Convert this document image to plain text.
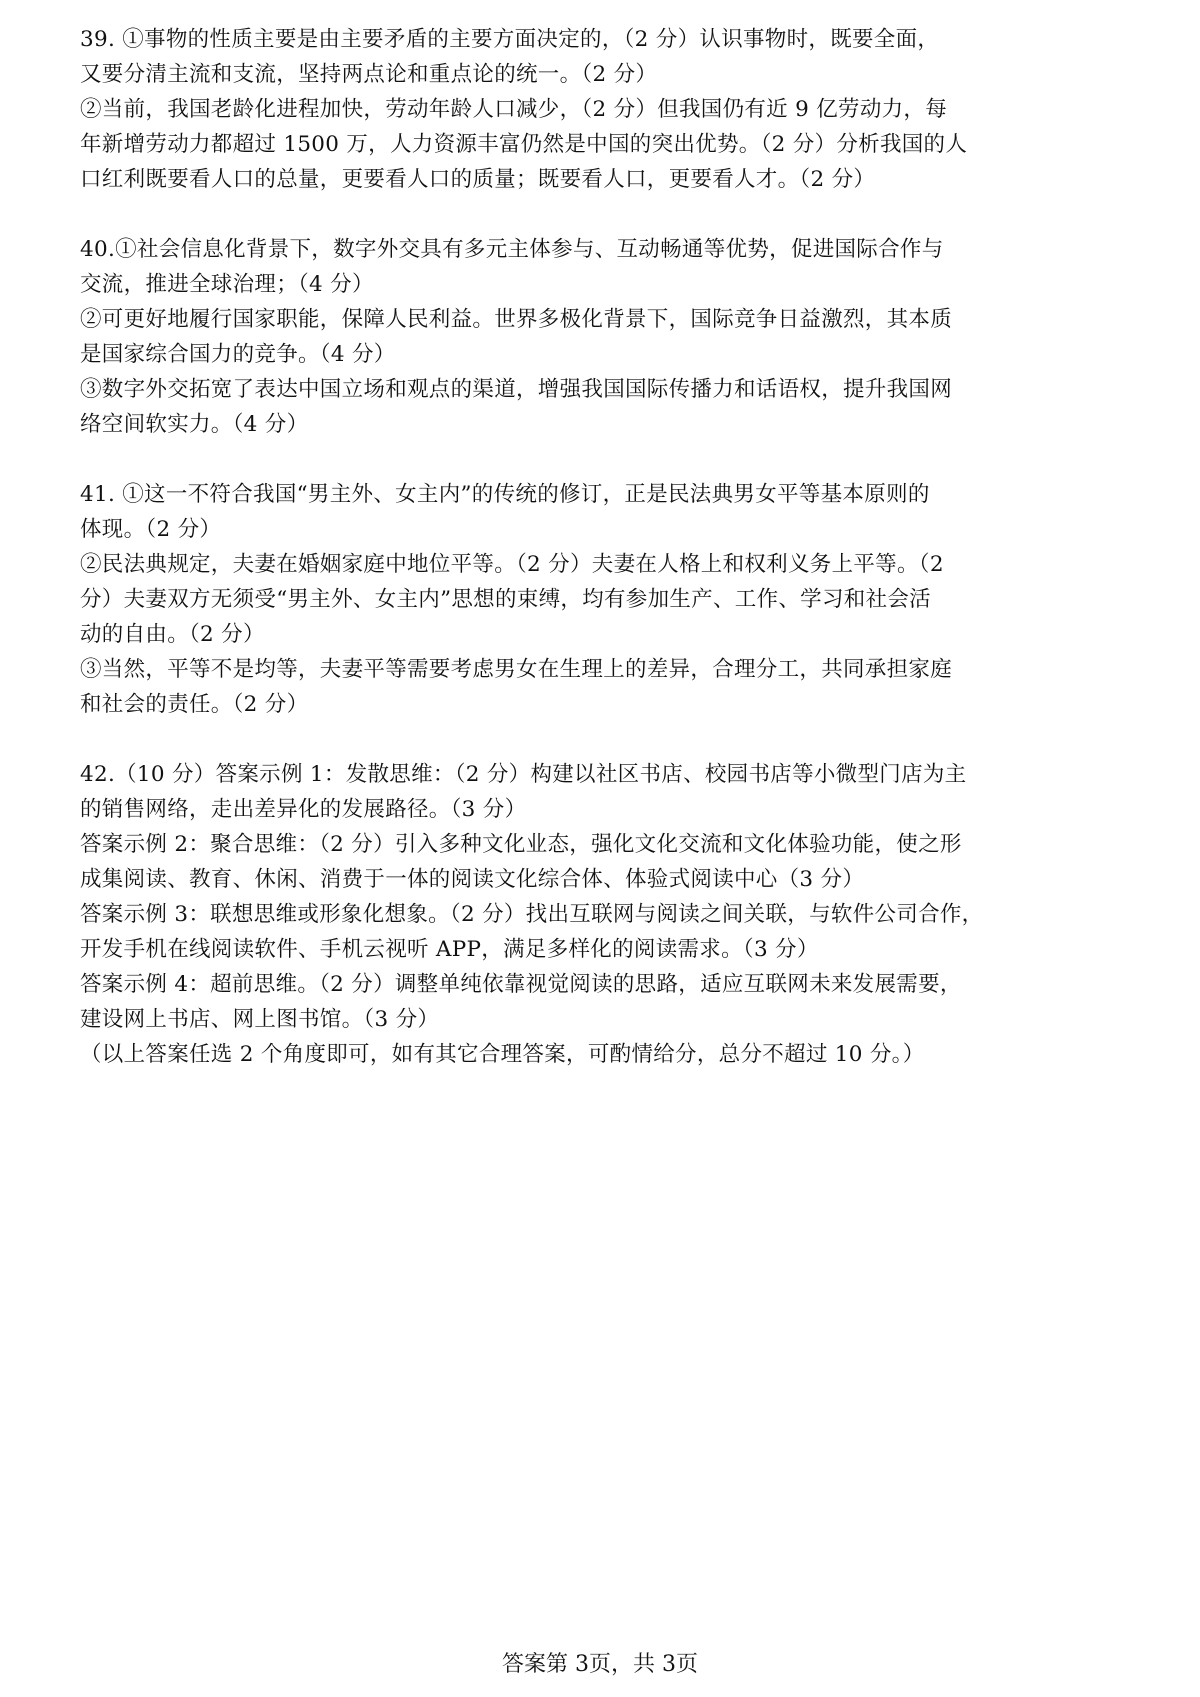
39. ①事物的性质主要是由主要矛盾的主要方面决定的，（2 分）认识事物时，既要全面，
又要分清主流和支流，坚持两点论和重点论的统一。（2 分）
②当前，我国老龄化进程加快，劳动年龄人口减少，（2 分）但我国仍有近 9 亿劳动力，每
年新增劳动力都超过 1500 万，人力资源丰富仍然是中国的突出优势。（2 分）分析我国的人
口红利既要看人口的总量，更要看人口的质量；既要看人口，更要看人才。（2 分）
40.①社会信息化背景下，数字外交具有多元主体参与、互动畅通等优势，促进国际合作与
交流，推进全球治理；（4 分）
②可更好地履行国家职能，保障人民利益。世界多极化背景下，国际竞争日益激烈，其本质
是国家综合国力的竞争。（4 分）
③数字外交拓宽了表达中国立场和观点的渠道，增强我国国际传播力和话语权，提升我国网
络空间软实力。（4 分）
41. ①这一不符合我国“男主外、女主内”的传统的修订，正是民法典男女平等基本原则的
体现。（2 分）
②民法典规定，夫妻在婚姻家庭中地位平等。（2 分）夫妻在人格上和权利义务上平等。（2
分）夫妻双方无须受“男主外、女主内”思想的束缚，均有参加生产、工作、学习和社会活
动的自由。（2 分）
③当然，平等不是均等，夫妻平等需要考虑男女在生理上的差异，合理分工，共同承担家庭
和社会的责任。（2 分）
42.（10 分）答案示例 1：发散思维：（2 分）构建以社区书店、校园书店等小微型门店为主
的销售网络，走出差异化的发展路径。（3 分）
答案示例 2：聚合思维：（2 分）引入多种文化业态，强化文化交流和文化体验功能，使之形
成集阅读、教育、休闲、消费于一体的阅读文化综合体、体验式阅读中心（3 分）
答案示例 3：联想思维或形象化想象。（2 分）找出互联网与阅读之间关联，与软件公司合作，
开发手机在线阅读软件、手机云视听 APP，满足多样化的阅读需求。（3 分）
答案示例 4：超前思维。（2 分）调整单纯依靠视觉阅读的思路，适应互联网未来发展需要，
建设网上书店、网上图书馆。（3 分）
（以上答案任选 2 个角度即可，如有其它合理答案，可酌情给分，总分不超过 10 分。）
答案第 3页，共 3页
